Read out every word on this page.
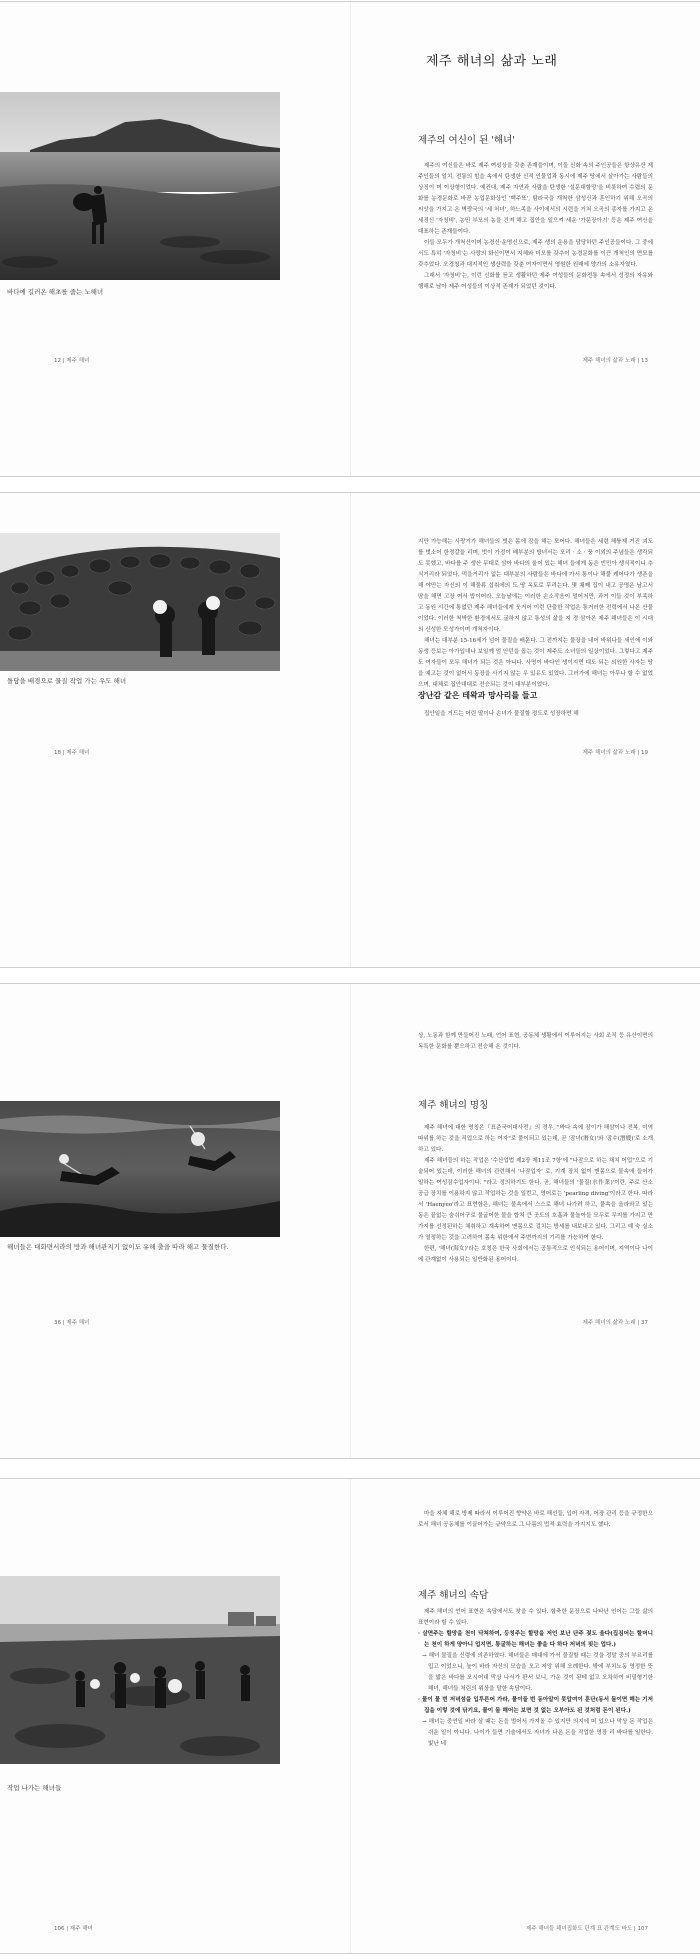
바다에 길러온 해초를 줍는 노해녀
12 | 제주 해녀
제주 해녀의 삶과 노래
제주의 여신이 된 '해녀'

제주의 여신들은 바로 제주 여성상을 갖춘 존재들이며, 이들 신화 속의 주인공들은 항상유산 제주인들의 일치, 전통의 힘을 속에서 탄생한 신적 인물업과 동시에 제주 땅에서 살아가는 사람들의 상징이 며 이상형이었다. 예컨대, 제주 자연과 사람을 탄생한 '설문대할망'을 비롯하여 수렵의 문화를 농경문화로 바꾼 농업문화상인 '백주또', 탐라국을 개척한 삼성신과 혼인하기 위해 오곡의 씨앗을 가지고 온 벽랑국의 '세 처녀', 하느족을 사이에서의 시련을 거쳐 오곡의 종자를 가지고 온 세경신 '자청비', 농민 부모의 농을 건져 해고 집안을 일으켜 세운 '가문장아기' 등은 제주 여신을 대표하는 존재들이다.

이들 모두가 개척신이며 농경신·운명신으로, 제주 생의 운용을 담당하던 주인공들이다. 그 중에서도 특히 '자청비'는 사랑의 화신이면서 지혜와 미모를 갖추어 농경문화를 이끈 개척인의 면모를 갖추었다. 오경청과 대지적인 생산력을 갖춘 여자이면서 영원한 원래에 양가의 소유자였다.

그래서 '자청비'는, 이런 신화를 듣고 생활하던 제주 여성들의 문화전통 속에서 성정의 자유와 행해로 남아 제주 여성들의 이상적 존재가 되었던 것이다.

제주 해녀의 삶과 노래 | 13
돌담을 배경으로 물질 작업 가는 우도 해녀
18 | 제주 해녀

지만 가능해는 사랑거가 해녀들의 벗은 몸에 잠을 해는 모어다. 해녀들은 세련 해퉁제 거진 괴도를 벗소어 한정갈을 리며, 벗이 가정이 배부분의 방녀서는 포리 · 소 · 풍 이외의 주념들은 생각되도 못했고, 바다를 주 생산 무대로 삼아 바다의 울어 있는 해녀 들에게 동은 빈민아 생식적이니 추식거리라 되었다. 먹을거리가 없는 대부분의 사람들은 바다에 가서 통이나 해물 캐어다가 생존을 해 야만는 자신의 이 해물류 섭취에의 도 땅 옥토로 무리는다. 몇 채째 집이 내고 공명은 남고서 땀을 해면 고장 여서 밥이어라. 오늘날에는 이러한 손소작음이 멀어저만, 과거 이들 것이 부족하고 동원 시간에 통없던 제주 해녀들에게 웃거어 이런 단출한 작업은 통거러한 전력에서 나온 산물이었다. 이러한 척박한 환경에서도 굴하지 않고 통성의 삶을 지 경 삼아온 제주 해녀들은 이 시대의 신성한 모성가이며 개척자이다.

해녀는 대부분 15-16세가 넘어 물질을 배운다. 그 전까지는 물장을 내어 바위나들 새인에 이와 동생 등보는 아가입대나 보일께 엄 안던을 돕는 것이 제주도 소녀들의 일상이었다. 그렇다고 제주도 여자들이 모두 해녀가 되는 것은 아니다. 사명이 바다인 생이지면 대도 되는 의원한 사자는 땅을 예고는 것이 없어서 동장을 사기지 않는 우 있유도 있었다. 그러가에 해녀는 아무나 할 수 없었으며, 대체로 집안대대로 전승되는 것이 대부분이었다.

장난감 같은 테왁과 망사리를 들고

집안일을 거드는 어린 딸이나 손녀가 물질할 정도로 성장하면 해

제주 해녀의 삶과 노래 | 19
해녀들은 대화면서라의 방과 해녀관지기 없이도 유해 출을 따라 해고 물질한다.
36 | 제주 해녀

상, 노동과 함께 만들어진 노래, 언어 표현, 공동체 생활에서 이루어지는 사회 조직 등 유산이면의 독특한 문화를 뿐으하고 전승해 온 것이다.

제주 해녀의 명칭

제주 해녀에 대한 명칭은『표준국어대사전』의 경우, "바다 속에 잠이가 해삼이나 전복, 미역 따위를 하는 것을 직업으로 하는 여자"로 풀이되고 있는데, 곧 '잠녀(潛女)'와 '잠수(潛嫂)'로 소개하고 있다.

제주 해녀들의 하는 작업은 '수산업법 제2장 제11조 7항'에 "나잠으로 하는 채치 어업"으로 기술되어 있는데, 이러한 해녀의 관련해서 '나잠업자' 로, 기계 장치 없이 맨몸으로 물속에 들어가 일하는 여성잠수업자이다. "라고 정의하기도 한다. 곧, 해녀들의 '물질(水作業)'이란, 주로 산소 공급 장치를 이용하지 않고 작업하는 것을 일컫고, 영어로는 'pearling diving'이라고 한다. 따라서 'Haenyeo'라고 표현함은, 해녀는 물속에서 스스로 해녀 나가려 하고, 물속을 올라와고 있는 동은 끝없는 숨쉬어구로 물굽어한 물을 합쳐 큰 곳도의 호흡과 물놀아들 모두로 무지를 가지고 만 가지를 선정된하는 채취하고 계속하여 맨몸으로 걸치는 방세를 내보내고 있다. 그리고 예 숙 실소가 열정하는 것을 고려하여 몸속 위한에서 주변까지의 기리를 가능하여 한다.

한편, '해녀(海女)'라는 호칭은 한국 사회에서는 공통적으로 인식되는 용어이며, 지역이나 나이에 관계없이 사용되는 일반화된 용어이다.

제주 해녀의 삶과 노래 | 37
작업 나가는 해녀들
106 | 제주 해녀

마을 자체 해로 방제 따라서 이루어진 향약은 바로 해선들, 입어 자격, 어장 관리 등을 규정한으로서 해녀 공동체를 이끌어가는 규약으로 그 나름의 법적 효력을 가지지도 했다.

제주 해녀의 속담

제주 해녀의 언어 표현은 속담에서도 찾을 수 있다. 함축한 문장으로 나타난 언어는 그들 삶의 표현이라 할 수 있다.

· 살면주는 할망을 천이 닥쳐하여, 둥칭주는 할망을 저언 보난 단주 젖도 울다(집짐어는 할머니는 천이 하게 양아니 업지면, 통굴하는 해녀는 좋을 다 하다 저녁의 핏는 업다.)

→ 해녀 물질을 신령에 의존하였다. 해녀들은 매대에 가서 물질할 때는 것을 정말 중의 부르리를 밉고 이었으니, 높이 바라 자신의 모습을 오고 저앙 위해 오례한다. 밖에 부치노동 영정한 뜻을 밟은 바다를 오시어대 막상 나서가 판서 보니, 가운 것이 된테 없고 오차하여 비밀형기한 해녀, 해녀들 처린의 위상을 말한 속담이다.

· 물이 물 번 저녁섬을 입투른어 가라, 물이들 번 동아알이 못압여이 훈단(동서 돌이면 해는 기저 집을 이렇 것에 닦기요, 뭍이 돌 해어는 보면 것 없는 오부아도 된 것처럼 돈이 된다.)

→ 해녀는 중연일 바라 살 때는 돈을 벌어서 가져올 수 있지만 의지에 떠 있으나 막상 돈 작업은 쉬운 일이 아니다. 나이가 들면 기술에서도 자녀가 나온 돈을 작업한 영장 리 바다를 일한다. 빛난 네

제주 해녀들 해녀집화도 단계 표 관계도 바도 | 107
